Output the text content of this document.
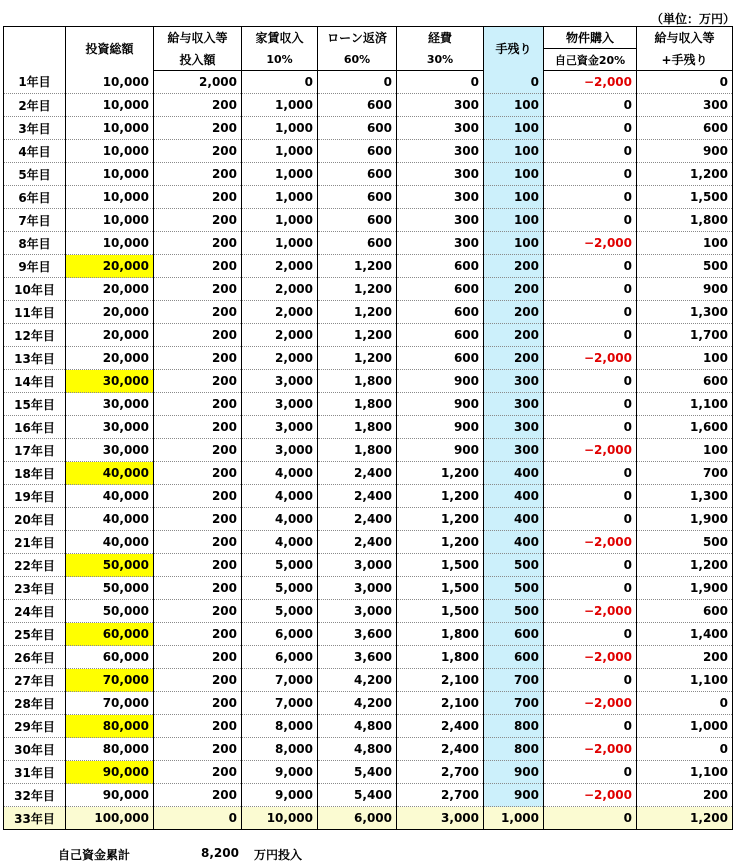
（単位：万円）
	投資総額	給与収入等	家賃収入	ローン返済	経費	手残り	物件購入	給与収入等
		投入額	10%	60%	30%		自己資金20%	+手残り
1年目	10,000	2,000	0	0	0	0	−2,000	0
2年目	10,000	200	1,000	600	300	100	0	300
3年目	10,000	200	1,000	600	300	100	0	600
4年目	10,000	200	1,000	600	300	100	0	900
5年目	10,000	200	1,000	600	300	100	0	1,200
6年目	10,000	200	1,000	600	300	100	0	1,500
7年目	10,000	200	1,000	600	300	100	0	1,800
8年目	10,000	200	1,000	600	300	100	−2,000	100
9年目	20,000	200	2,000	1,200	600	200	0	500
10年目	20,000	200	2,000	1,200	600	200	0	900
11年目	20,000	200	2,000	1,200	600	200	0	1,300
12年目	20,000	200	2,000	1,200	600	200	0	1,700
13年目	20,000	200	2,000	1,200	600	200	−2,000	100
14年目	30,000	200	3,000	1,800	900	300	0	600
15年目	30,000	200	3,000	1,800	900	300	0	1,100
16年目	30,000	200	3,000	1,800	900	300	0	1,600
17年目	30,000	200	3,000	1,800	900	300	−2,000	100
18年目	40,000	200	4,000	2,400	1,200	400	0	700
19年目	40,000	200	4,000	2,400	1,200	400	0	1,300
20年目	40,000	200	4,000	2,400	1,200	400	0	1,900
21年目	40,000	200	4,000	2,400	1,200	400	−2,000	500
22年目	50,000	200	5,000	3,000	1,500	500	0	1,200
23年目	50,000	200	5,000	3,000	1,500	500	0	1,900
24年目	50,000	200	5,000	3,000	1,500	500	−2,000	600
25年目	60,000	200	6,000	3,600	1,800	600	0	1,400
26年目	60,000	200	6,000	3,600	1,800	600	−2,000	200
27年目	70,000	200	7,000	4,200	2,100	700	0	1,100
28年目	70,000	200	7,000	4,200	2,100	700	−2,000	0
29年目	80,000	200	8,000	4,800	2,400	800	0	1,000
30年目	80,000	200	8,000	4,800	2,400	800	−2,000	0
31年目	90,000	200	9,000	5,400	2,700	900	0	1,100
32年目	90,000	200	9,000	5,400	2,700	900	−2,000	200
33年目	100,000	0	10,000	6,000	3,000	1,000	0	1,200
自己資金累計	8,200 万円投入
